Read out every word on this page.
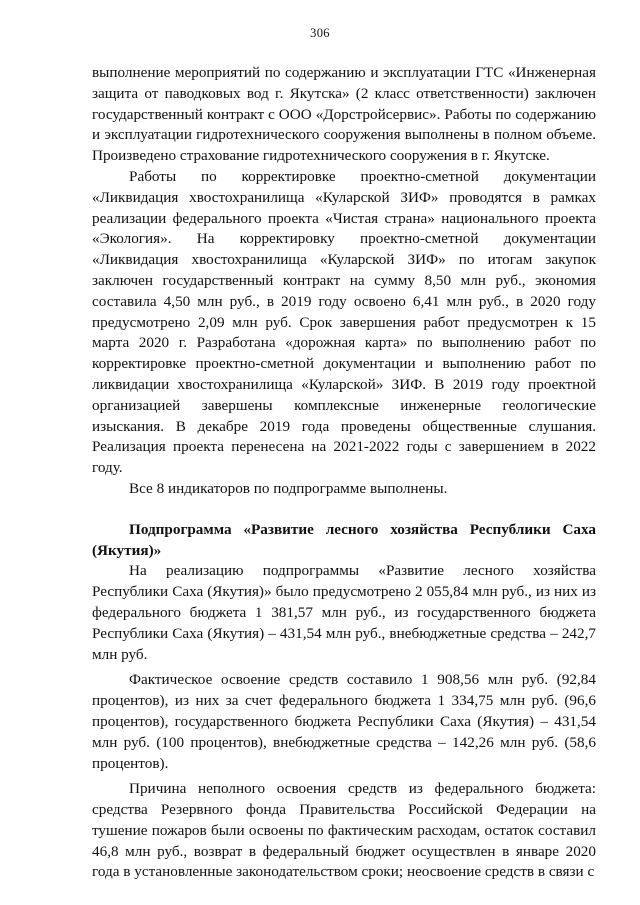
306

выполнение мероприятий по содержанию и эксплуатации ГТС «Инженерная защита от паводковых вод г. Якутска» (2 класс ответственности) заключен государственный контракт с ООО «Дорстройсервис». Работы по содержанию и эксплуатации гидротехнического сооружения выполнены в полном объеме. Произведено страхование гидротехнического сооружения в г. Якутске.

Работы по корректировке проектно-сметной документации «Ликвидация хвостохранилища «Куларской ЗИФ» проводятся в рамках реализации федерального проекта «Чистая страна» национального проекта «Экология». На корректировку проектно-сметной документации «Ликвидация хвостохранилища «Куларской ЗИФ» по итогам закупок заключен государственный контракт на сумму 8,50 млн руб., экономия составила 4,50 млн руб., в 2019 году освоено 6,41 млн руб., в 2020 году предусмотрено 2,09 млн руб. Срок завершения работ предусмотрен к 15 марта 2020 г. Разработана «дорожная карта» по выполнению работ по корректировке проектно-сметной документации и выполнению работ по ликвидации хвостохранилища «Куларской» ЗИФ. В 2019 году проектной организацией завершены комплексные инженерные геологические изыскания. В декабре 2019 года проведены общественные слушания. Реализация проекта перенесена на 2021-2022 годы с завершением в 2022 году.

Все 8 индикаторов по подпрограмме выполнены.

Подпрограмма «Развитие лесного хозяйства Республики Саха (Якутия)»

На реализацию подпрограммы «Развитие лесного хозяйства Республики Саха (Якутия)» было предусмотрено 2 055,84 млн руб., из них из федерального бюджета 1 381,57 млн руб., из государственного бюджета Республики Саха (Якутия) – 431,54 млн руб., внебюджетные средства – 242,7 млн руб.

Фактическое освоение средств составило 1 908,56 млн руб. (92,84 процентов), из них за счет федерального бюджета 1 334,75 млн руб. (96,6 процентов), государственного бюджета Республики Саха (Якутия) – 431,54 млн руб. (100 процентов), внебюджетные средства – 142,26 млн руб. (58,6 процентов).

Причина неполного освоения средств из федерального бюджета: средства Резервного фонда Правительства Российской Федерации на тушение пожаров были освоены по фактическим расходам, остаток составил 46,8 млн руб., возврат в федеральный бюджет осуществлен в январе 2020 года в установленные законодательством сроки; неосвоение средств в связи с
